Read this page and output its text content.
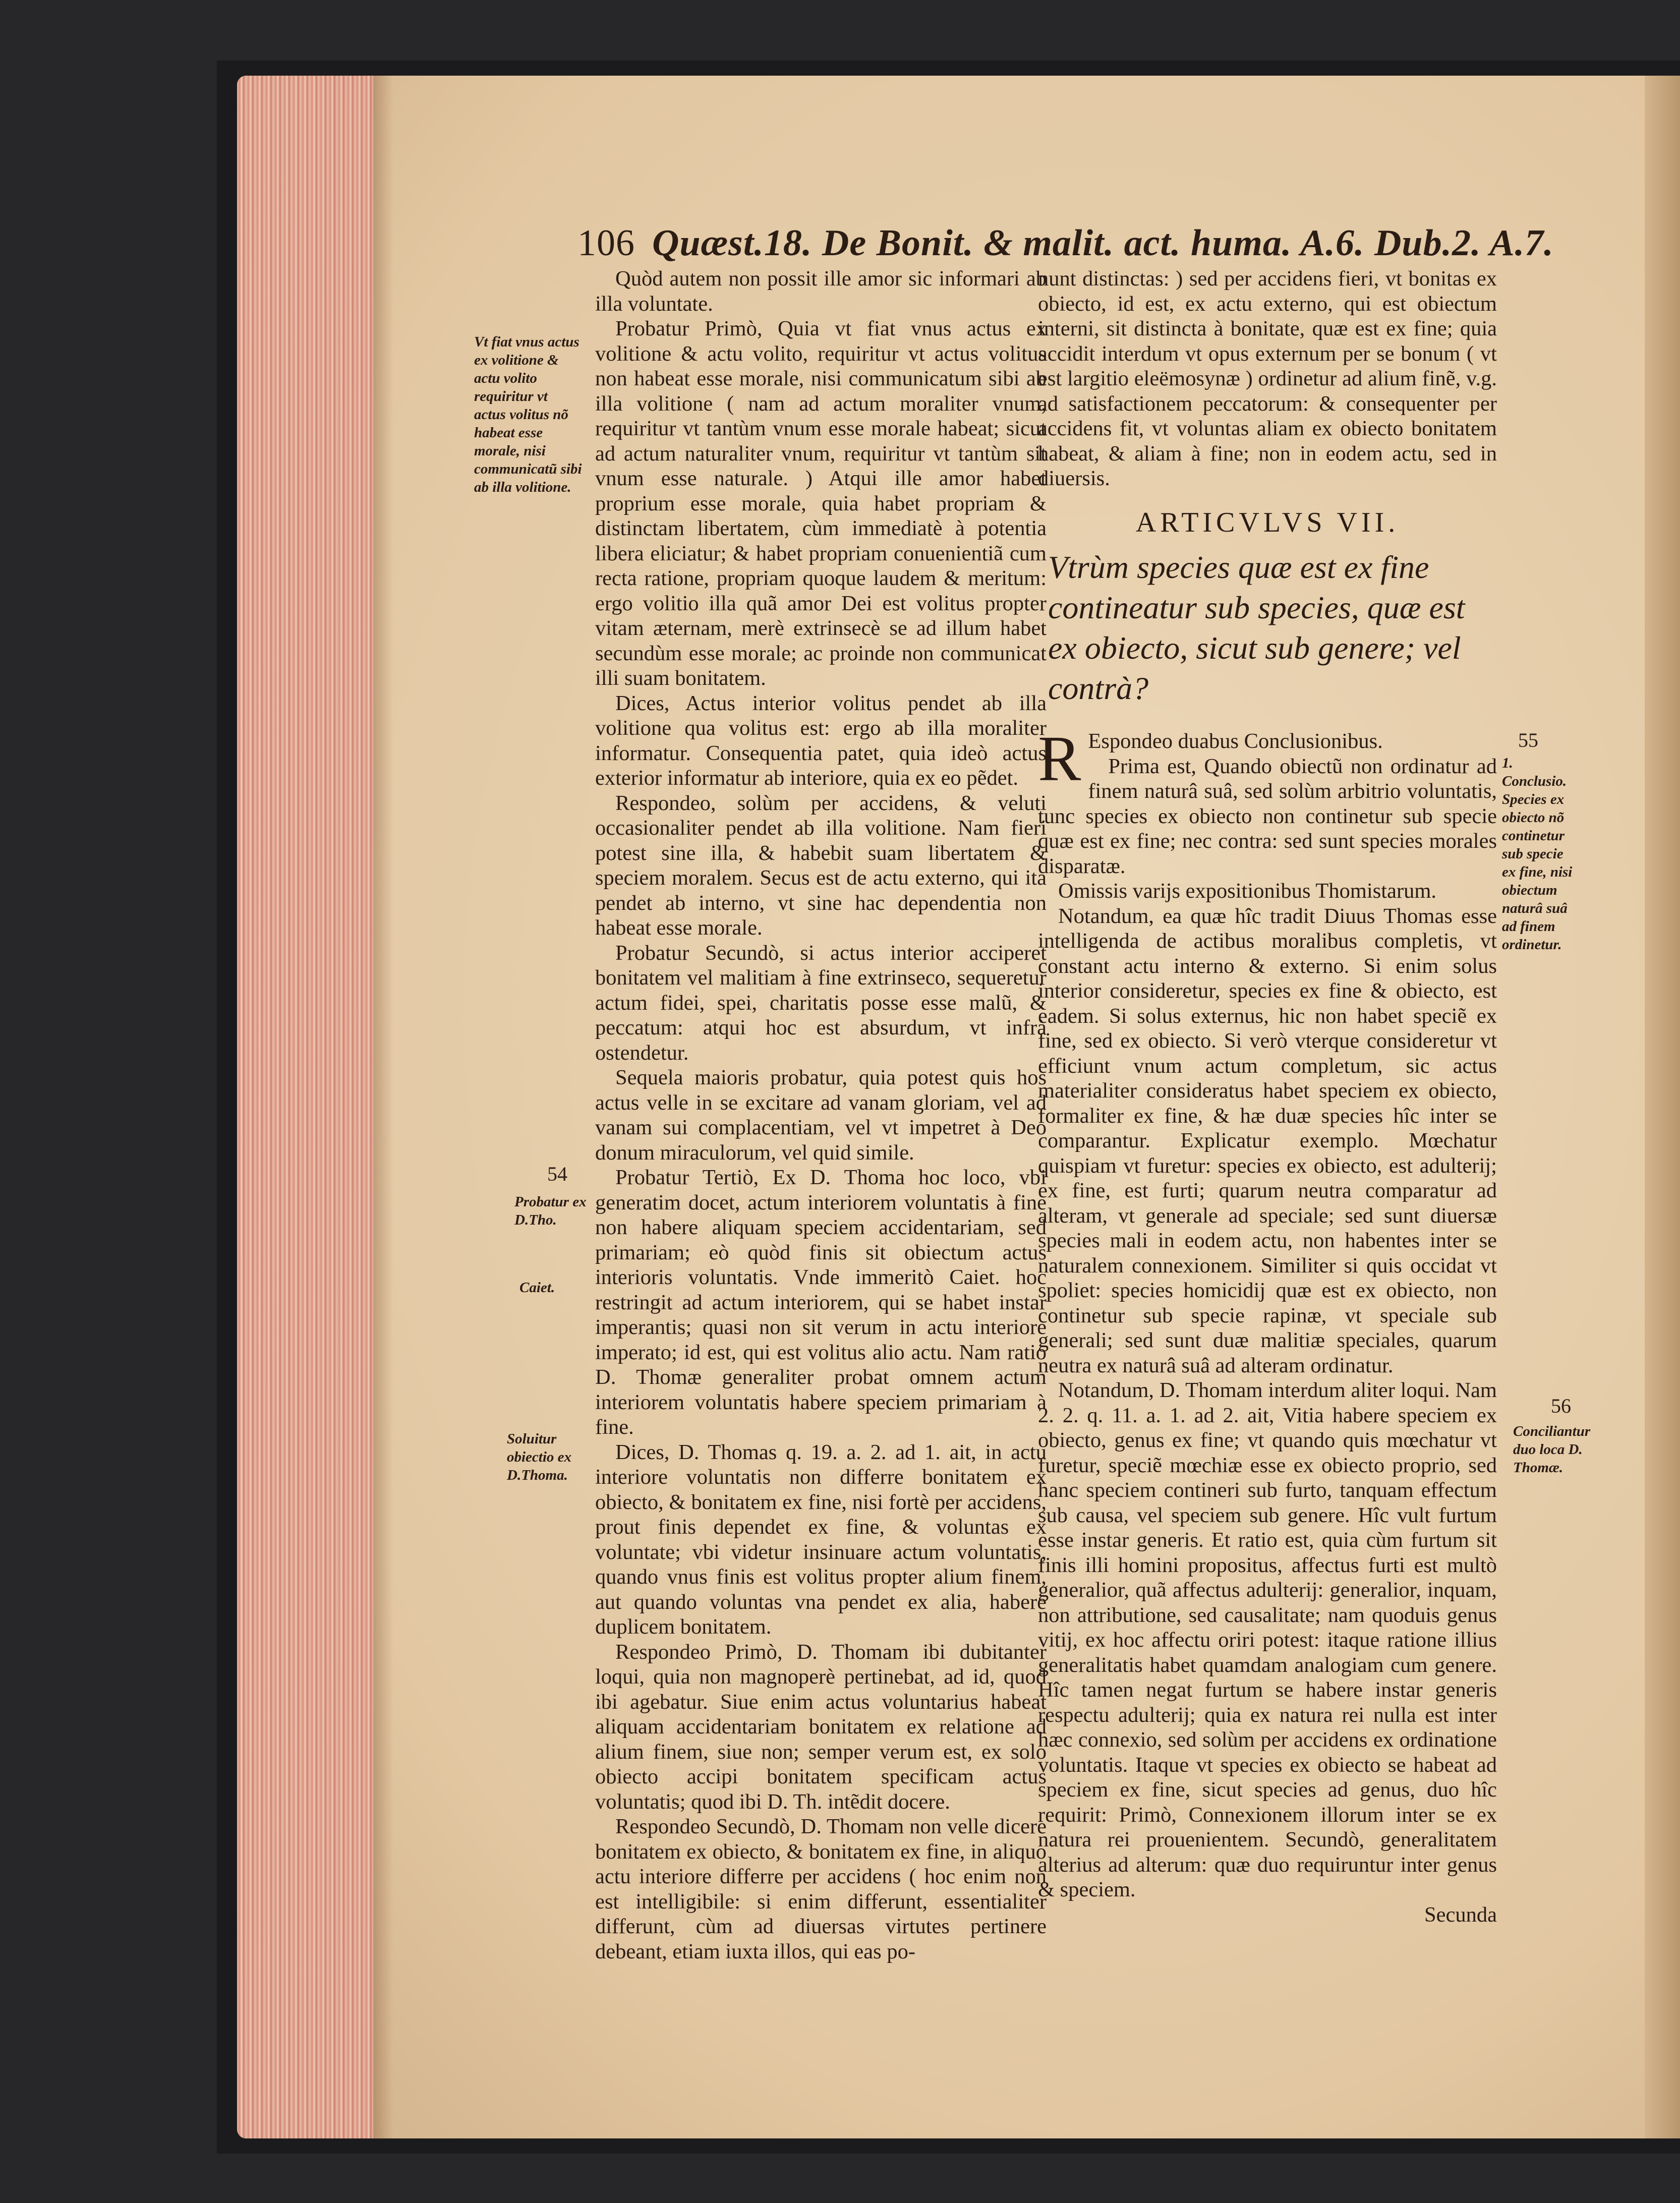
106 Quæst.18. De Bonit. & malit. act. huma. A.6. Dub.2. A.7.

Quòd autem non possit ille amor sic informari ab illa voluntate.

Probatur Primò, Quia vt fiat vnus actus ex volitione & actu volito, requiritur vt actus volitus non habeat esse morale, nisi communicatum sibi ab illa volitione ( nam ad actum moraliter vnum, requiritur vt tantùm vnum esse morale habeat; sicut ad actum naturaliter vnum, requiritur vt tantùm sit vnum esse naturale. ) Atqui ille amor habet proprium esse morale, quia habet propriam & distinctam libertatem, cùm immediatè à potentia libera eliciatur; & habet propriam conuenientiã cum recta ratione, propriam quoque laudem & meritum: ergo volitio illa quã amor Dei est volitus propter vitam æternam, merè extrinsecè se ad illum habet secundùm esse morale; ac proinde non communicat illi suam bonitatem.

Dices, Actus interior volitus pendet ab illa volitione qua volitus est: ergo ab illa moraliter informatur. Consequentia patet, quia ideò actus exterior informatur ab interiore, quia ex eo pẽdet.

Respondeo, solùm per accidens, & veluti occasionaliter pendet ab illa volitione. Nam fieri potest sine illa, & habebit suam libertatem & speciem moralem. Secus est de actu externo, qui ita pendet ab interno, vt sine hac dependentia non habeat esse morale.

Probatur Secundò, si actus interior acciperet bonitatem vel malitiam à fine extrinseco, sequeretur actum fidei, spei, charitatis posse esse malũ, & peccatum: atqui hoc est absurdum, vt infrà ostendetur.

Sequela maioris probatur, quia potest quis hos actus velle in se excitare ad vanam gloriam, vel ad vanam sui complacentiam, vel vt impetret à Deo donum miraculorum, vel quid simile.

Probatur Tertiò, Ex D. Thoma hoc loco, vbi generatim docet, actum interiorem voluntatis à fine non habere aliquam speciem accidentariam, sed primariam; eò quòd finis sit obiectum actus interioris voluntatis. Vnde immeritò Caiet. hoc restringit ad actum interiorem, qui se habet instar imperantis; quasi non sit verum in actu interiore imperato; id est, qui est volitus alio actu. Nam ratio D. Thomæ generaliter probat omnem actum interiorem voluntatis habere speciem primariam à fine.

Dices, D. Thomas q. 19. a. 2. ad 1. ait, in actu interiore voluntatis non differre bonitatem ex obiecto, & bonitatem ex fine, nisi fortè per accidens, prout finis dependet ex fine, & voluntas ex voluntate; vbi videtur insinuare actum voluntatis, quando vnus finis est volitus propter alium finem, aut quando voluntas vna pendet ex alia, habere duplicem bonitatem.

Respondeo Primò, D. Thomam ibi dubitanter loqui, quia non magnoperè pertinebat, ad id, quod ibi agebatur. Siue enim actus voluntarius habeat aliquam accidentariam bonitatem ex relatione ad alium finem, siue non; semper verum est, ex solo obiecto accipi bonitatem specificam actus voluntatis; quod ibi D. Th. intẽdit docere.

Respondeo Secundò, D. Thomam non velle dicere bonitatem ex obiecto, & bonitatem ex fine, in aliquo actu interiore differre per accidens ( hoc enim non est intelligibile: si enim differunt, essentialiter differunt, cùm ad diuersas virtutes pertinere debeant, etiam iuxta illos, qui eas po-

nunt distinctas: ) sed per accidens fieri, vt bonitas ex obiecto, id est, ex actu externo, qui est obiectum interni, sit distincta à bonitate, quæ est ex fine; quia accidit interdum vt opus externum per se bonum ( vt est largitio eleëmosynæ ) ordinetur ad alium finẽ, v.g. ad satisfactionem peccatorum: & consequenter per accidens fit, vt voluntas aliam ex obiecto bonitatem habeat, & aliam à fine; non in eodem actu, sed in diuersis.

ARTICVLVS VII.
Vtrùm species quæ est ex fine contineatur sub species, quæ est ex obiecto, sicut sub genere; vel contrà?

R Espondeo duabus Conclusionibus.

Prima est, Quando obiectũ non ordinatur ad finem naturâ suâ, sed solùm arbitrio voluntatis, tunc species ex obiecto non continetur sub specie quæ est ex fine; nec contra: sed sunt species morales disparatæ.

Omissis varijs expositionibus Thomistarum.

Notandum, ea quæ hîc tradit Diuus Thomas esse intelligenda de actibus moralibus completis, vt constant actu interno & externo. Si enim solus interior consideretur, species ex fine & obiecto, est eadem. Si solus externus, hic non habet speciẽ ex fine, sed ex obiecto. Si verò vterque consideretur vt efficiunt vnum actum completum, sic actus materialiter consideratus habet speciem ex obiecto, formaliter ex fine, & hæ duæ species hîc inter se comparantur. Explicatur exemplo. Mœchatur quispiam vt furetur: species ex obiecto, est adulterij; ex fine, est furti; quarum neutra comparatur ad alteram, vt generale ad speciale; sed sunt diuersæ species mali in eodem actu, non habentes inter se naturalem connexionem. Similiter si quis occidat vt spoliet: species homicidij quæ est ex obiecto, non continetur sub specie rapinæ, vt speciale sub generali; sed sunt duæ malitiæ speciales, quarum neutra ex naturâ suâ ad alteram ordinatur.

Notandum, D. Thomam interdum aliter loqui. Nam 2. 2. q. 11. a. 1. ad 2. ait, Vitia habere speciem ex obiecto, genus ex fine; vt quando quis mœchatur vt furetur, speciẽ mœchiæ esse ex obiecto proprio, sed hanc speciem contineri sub furto, tanquam effectum sub causa, vel speciem sub genere. Hîc vult furtum esse instar generis. Et ratio est, quia cùm furtum sit finis illi homini propositus, affectus furti est multò generalior, quã affectus adulterij: generalior, inquam, non attributione, sed causalitate; nam quoduis genus vitij, ex hoc affectu oriri potest: itaque ratione illius generalitatis habet quamdam analogiam cum genere. Hîc tamen negat furtum se habere instar generis respectu adulterij; quia ex natura rei nulla est inter hæc connexio, sed solùm per accidens ex ordinatione voluntatis. Itaque vt species ex obiecto se habeat ad speciem ex fine, sicut species ad genus, duo hîc requirit: Primò, Connexionem illorum inter se ex natura rei prouenientem. Secundò, generalitatem alterius ad alterum: quæ duo requiruntur inter genus & speciem.

Secunda

Vt fiat vnus actus ex volitione & actu volito requiritur vt actus volitus nõ habeat esse morale, nisi communicatũ sibi ab illa volitione.
54
Probatur ex D.Tho.
Caiet.
Soluitur obiectio ex D.Thoma.
55
1. Conclusio. Species ex obiecto nõ continetur sub specie ex fine, nisi obiectum naturâ suâ ad finem ordinetur.
56
Conciliantur duo loca D. Thomæ.
